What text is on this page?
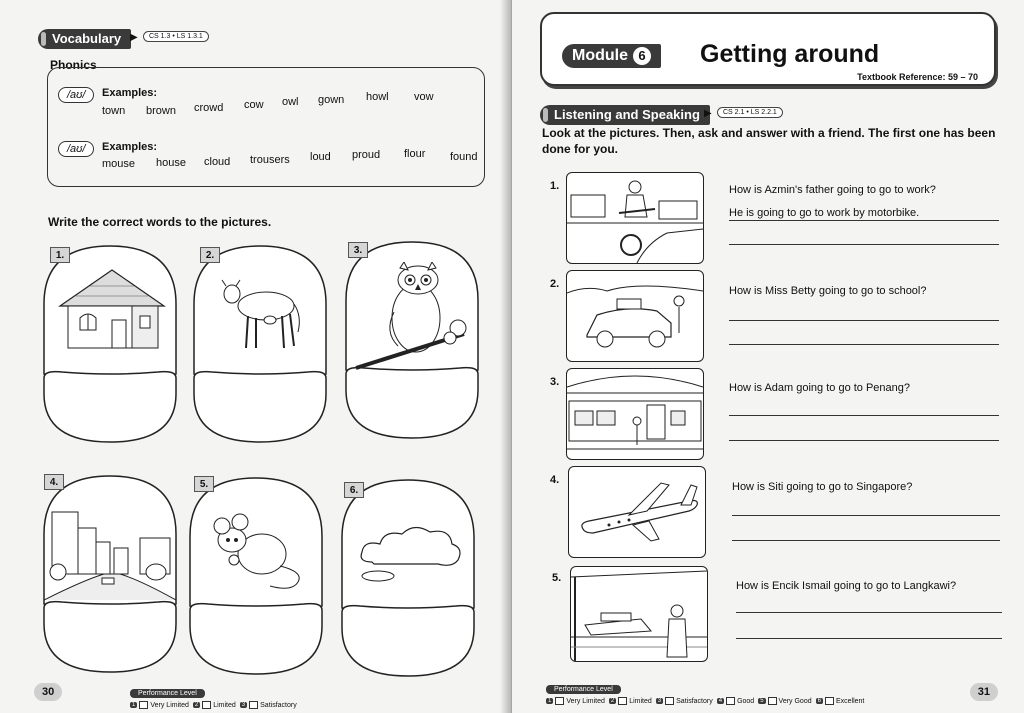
Vocabulary ▶	CS 1.3 • LS 1.3.1
Phonics
/aʊ/	Examples:
town brown crowd cow owl gown howl vow
/aʊ/	Examples:
mouse house cloud trousers loud proud flour found
Write the correct words to the pictures.
1.	2.	3.
4.	5.
6.
Performance Level
1 Very Limited	2 Limited	3 Satisfactory
30
Module 6	Getting around
Textbook Reference: 59 – 70
Listening and Speaking ▶	CS 2.1 • LS 2.2.1
Look at the pictures. Then, ask and answer with a friend. The first one has been done for you.
1.	How is Azmin's father going to go to work?
He is going to go to work by motorbike.
2.
How is Miss Betty going to go to school?
3.	How is Adam going to go to Penang?
4.
How is Siti going to go to Singapore?
5.
How is Encik Ismail going to go to Langkawi?
Performance Level
1 Very Limited	2 Limited	3 Satisfactory	4 Good	5 Very Good	6 Excellent
31
